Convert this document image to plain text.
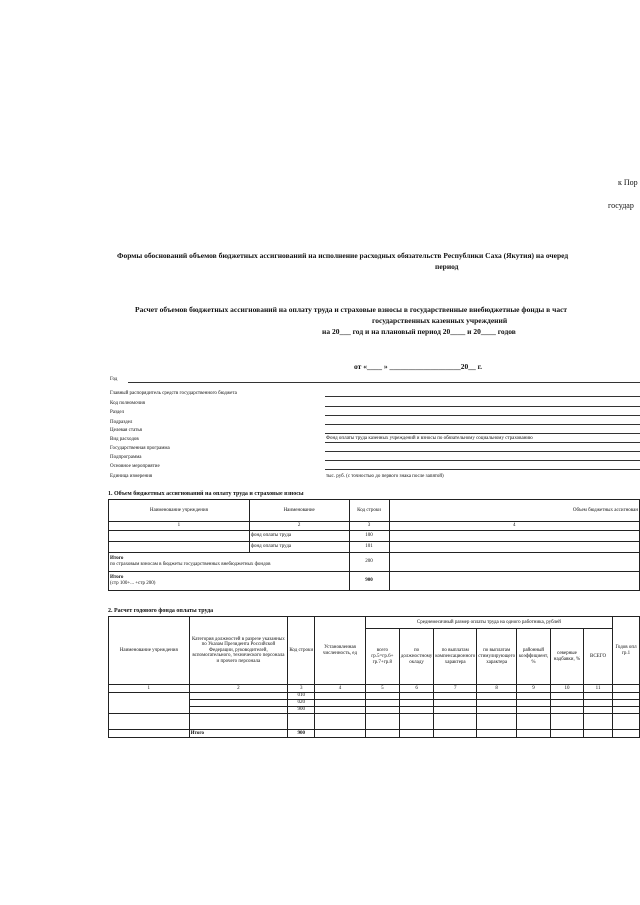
к Пор
государ
Формы обоснований объемов бюджетных ассигнований на исполнение расходных обязательств Республики Саха (Якутия) на очеред
период
Расчет объемов бюджетных ассигнований на оплату труда и страховые взносы в государственные внебюджетные фонды в част
государственных казенных учреждений
на 20___ год и на плановый период 20____ и 20____ годов
от «____ » ___________________20__ г.
Год
Главный распорядитель средств государственного бюджета
Код полномочия
Раздел
Подраздел
Целевая статья
Вид расходов	Фонд оплаты труда казенных учреждений и взносы по обязательному социальному страхованию
Государственная программа
Подпрограмма
Основное мероприятие
Единица измерения	тыс. руб. (с точностью до первого знака после запятой)
1. Объем бюджетных ассигнований на оплату труда и страховые взносы
Наименование учреждения	Наименование	Код строки	Объем бюджетных ассигнован
1	2	3	4
	фонд оплаты труда	100	
	фонд оплаты труда	101	
Итого
по страховым взносам в бюджеты государственных внебюджетных фондов		200	
Итого
(стр 100+... +стр 200)		900	
2. Расчет годового фонда оплаты труда
Наименование учреждения	Категория должностей в разрезе указанных по Указам Президента Российской Федерации, руководителей, вспомогательного, технического персонала и прочего персонала	Код строки	Установленная численность, ед	Среднемесячный размер оплаты труда на одного работника, рублей							Годов опл гр.1
				всего гр.5=гр.6+ гр.7+гр.8	по должностному окладу	по выплатам компенсационного характера	по выплатам стимулирующего характера	районный коэффициент, %	северные надбавки, %	ВСЕГО	
1	2	3	4	5	6	7	8	9	10	11	
		010									
		020									
		900									

	Итого	900									
